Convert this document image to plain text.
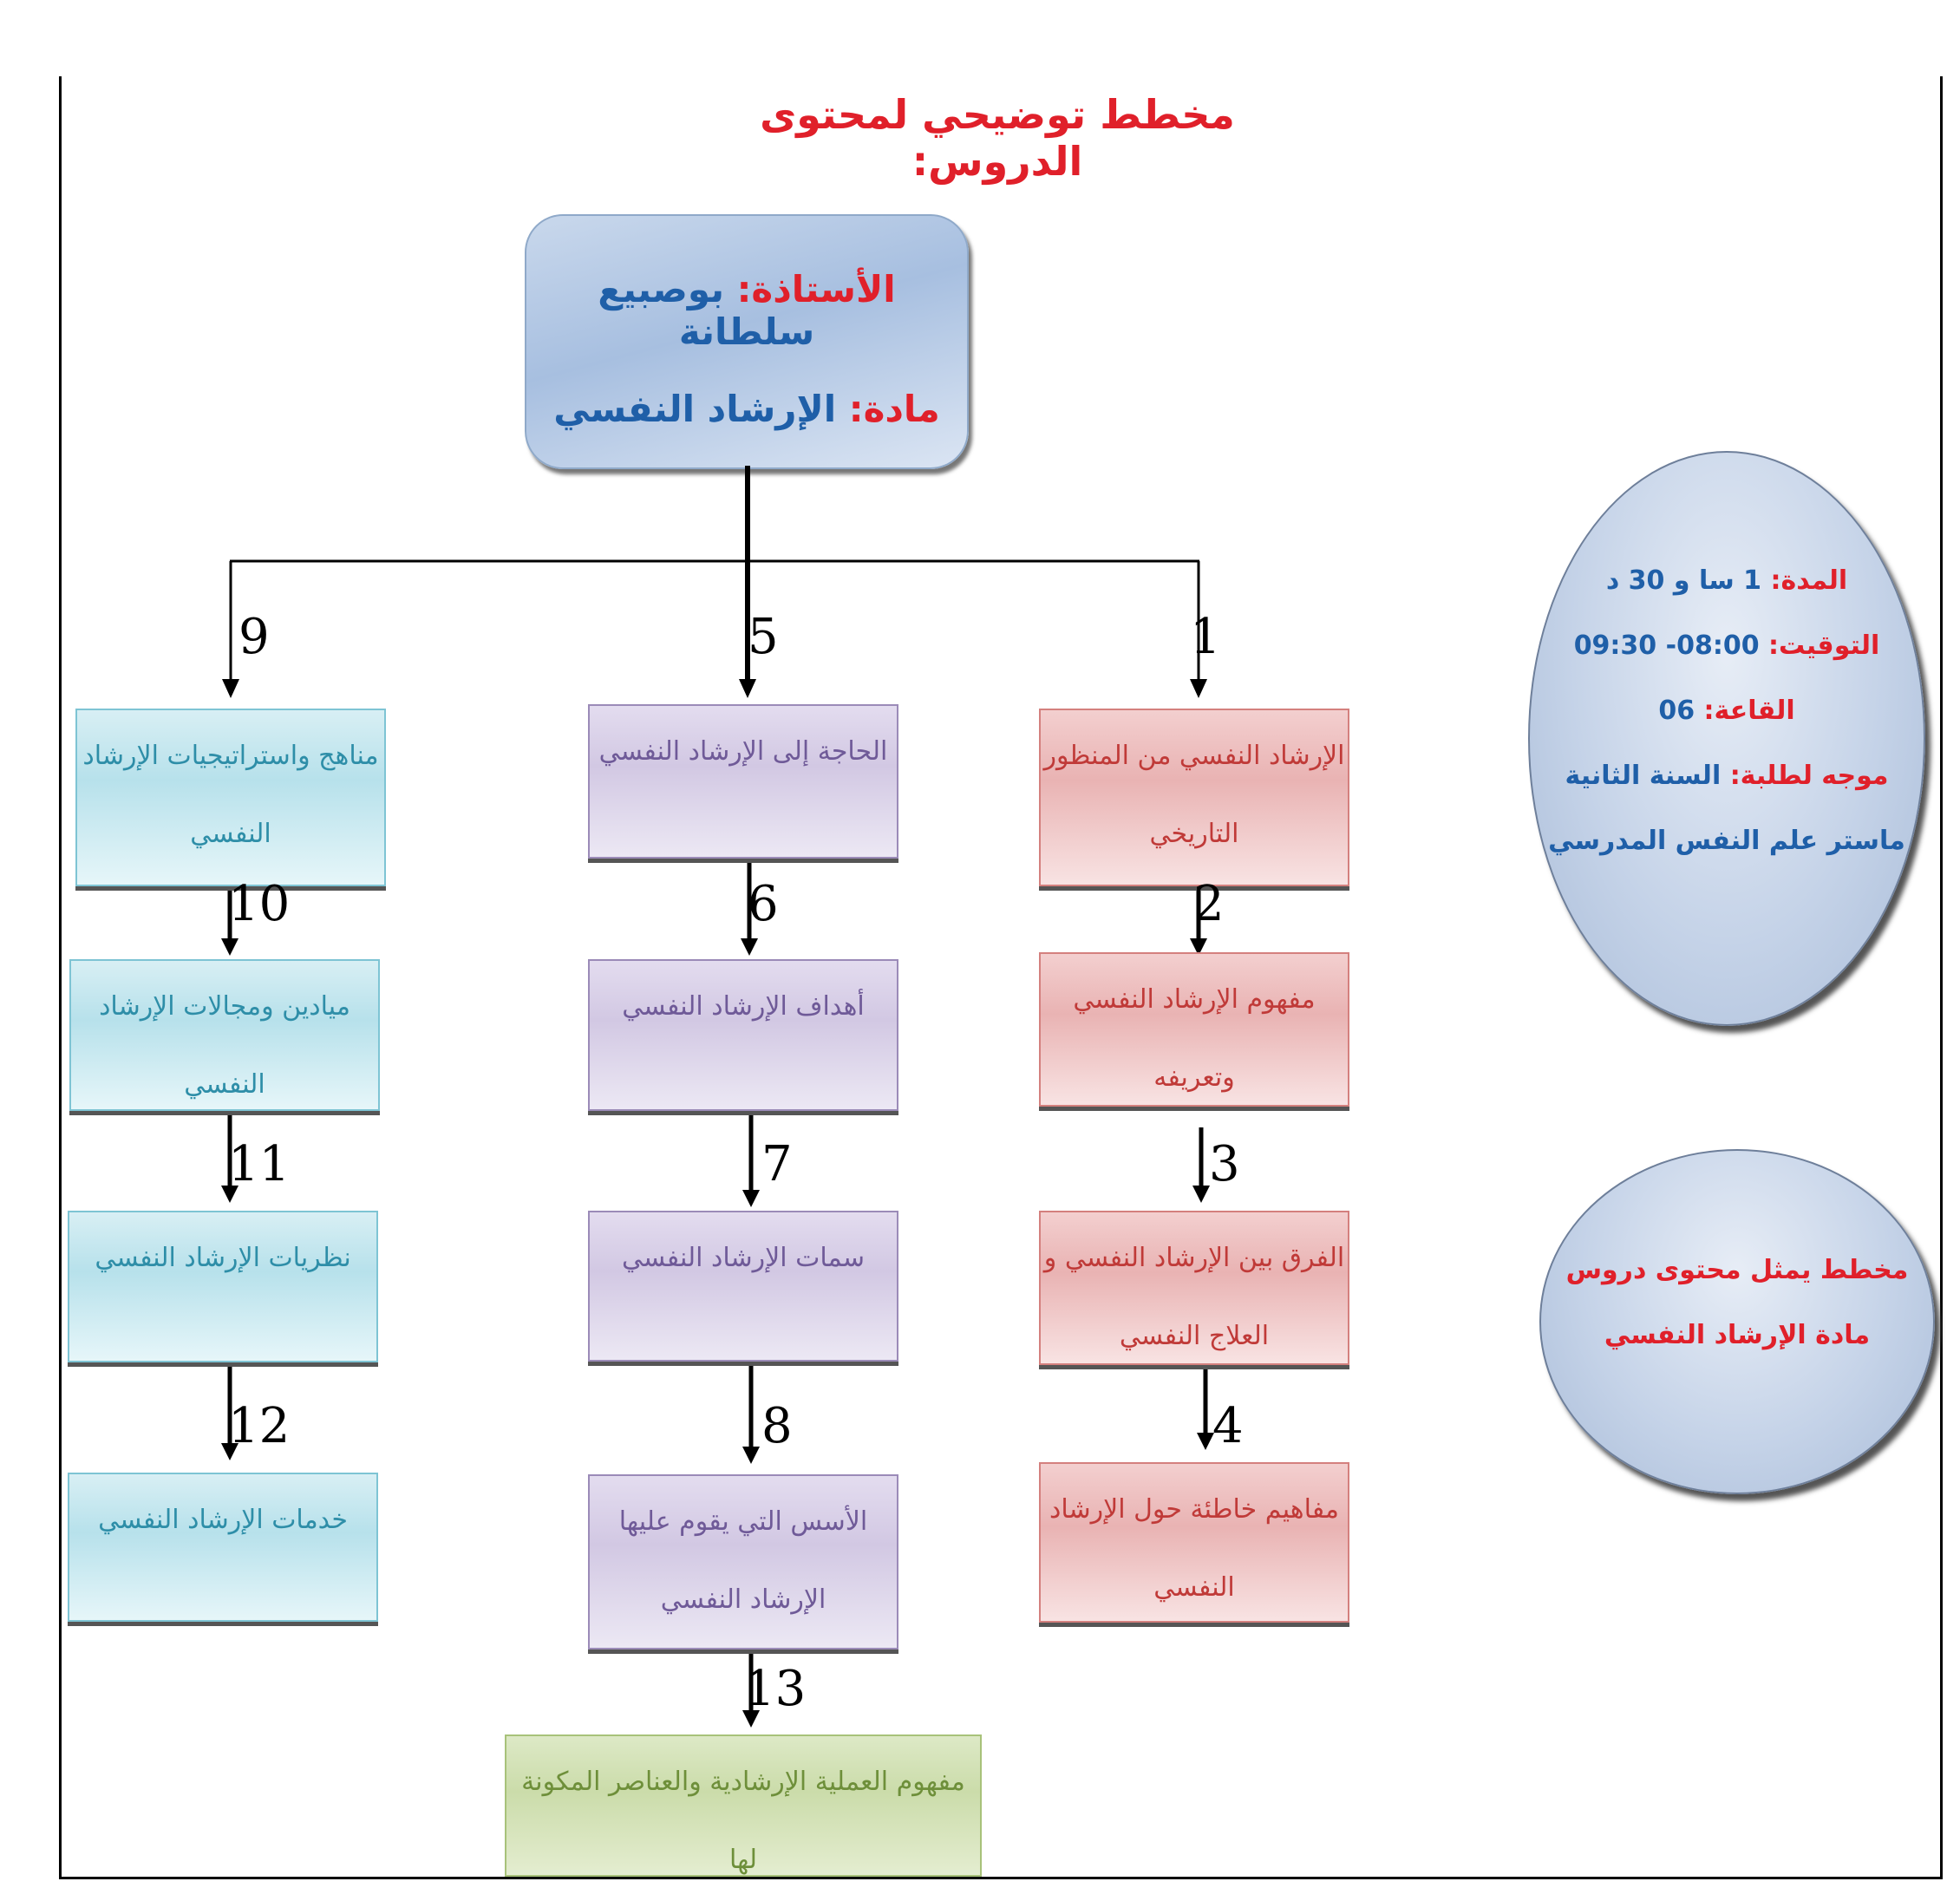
مخطط توضيحي لمحتوى الدروس:
الأستاذة: بوصبيع سلطانة
مادة: الإرشاد النفسي
1
الإرشاد النفسي من المنظور التاريخي
2
مفهوم الإرشاد النفسي وتعريفه
3
الفرق بين الإرشاد النفسي و العلاج النفسي
4
مفاهيم خاطئة حول الإرشاد النفسي
5
الحاجة إلى الإرشاد النفسي
6
أهداف الإرشاد النفسي
7
سمات الإرشاد النفسي
8
الأسس التي يقوم عليها الإرشاد النفسي
13
مفهوم العملية الإرشادية والعناصر المكونة لها
9
مناهج واستراتيجيات الإرشاد النفسي
10
ميادين ومجالات الإرشاد النفسي
11
نظريات الإرشاد النفسي
12
خدمات الإرشاد النفسي
المدة: 1 سا و 30 د
التوقيت: 08:00- 09:30
القاعة: 06
موجه لطلبة: السنة الثانية
ماستر علم النفس المدرسي
مخطط يمثل محتوى دروس
مادة الإرشاد النفسي
